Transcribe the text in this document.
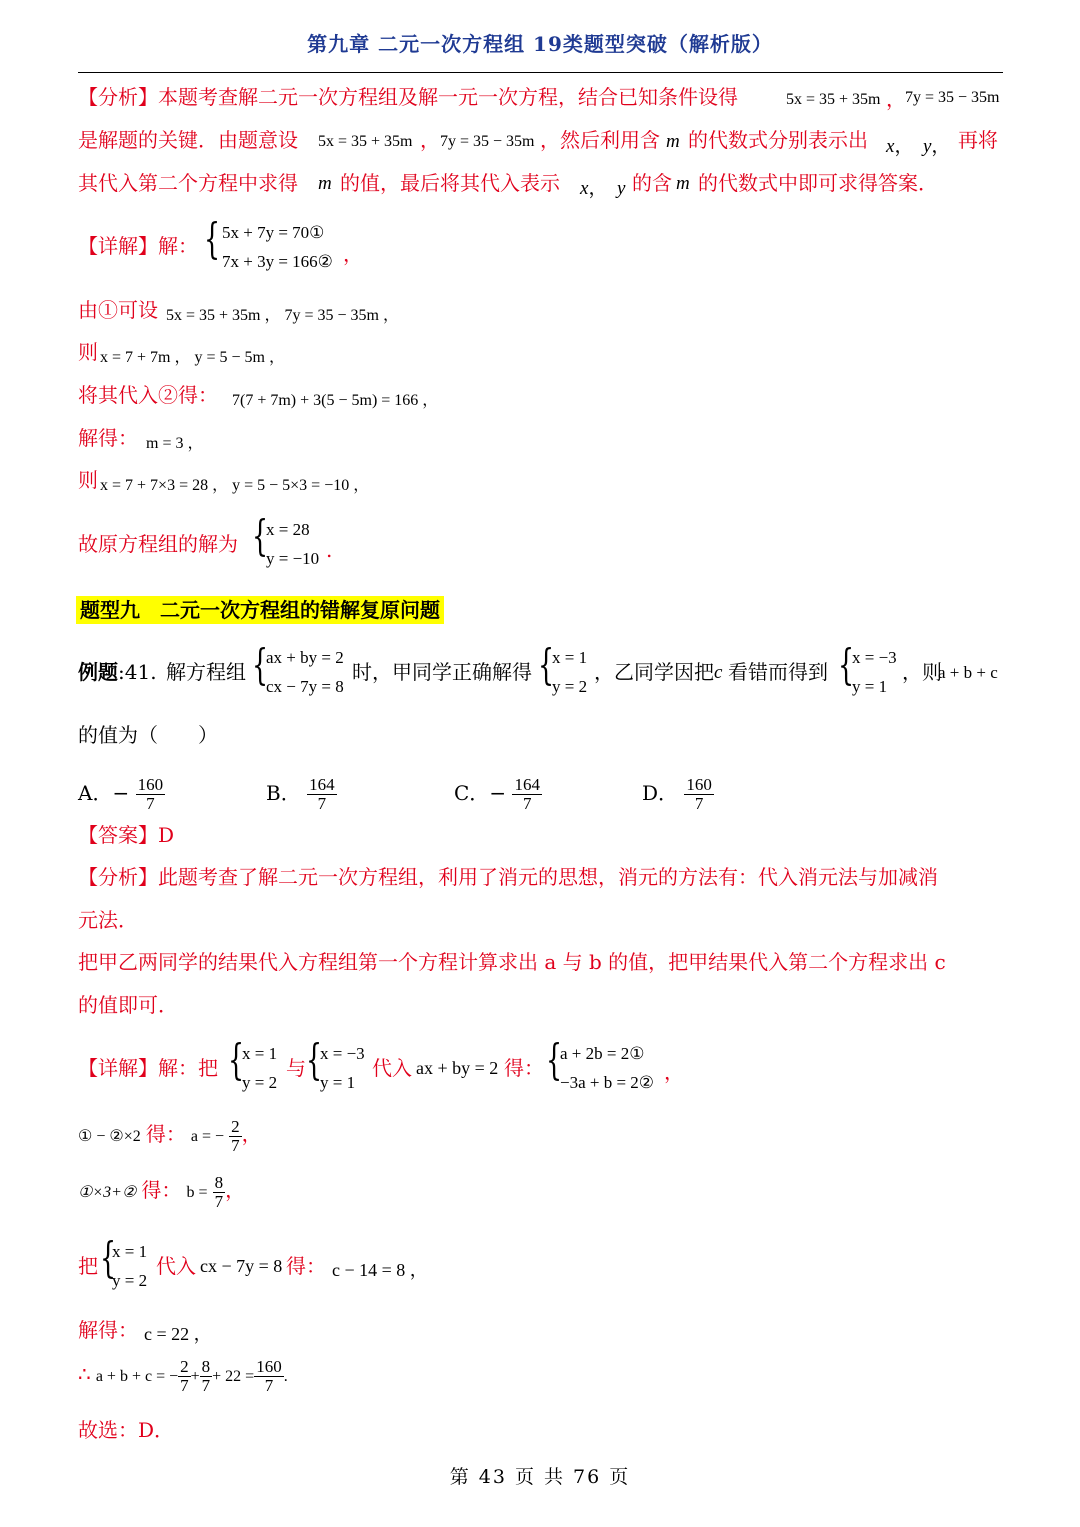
第九章 二元一次方程组 19类题型突破（解析版）
【分析】本题考查解二元一次方程组及解一元一次方程，结合已知条件设得	5x = 35 + 35m ， 7y = 35 − 35m
是解题的关键．由题意设 5x = 35 + 35m ， 7y = 35 − 35m ， 然后利用含 m 的代数式分别表示出 x，  y， 再将
其代入第二个方程中求得 m 的值，最后将其代入表示 x，  y 的含 m 的代数式中即可求得答案．
【详解】解： { 5x + 7y = 70①
7x + 3y = 166② ，
由①可设 5x = 35 + 35m ， 7y = 35 − 35m ，
则 x = 7 + 7m ， y = 5 − 5m ，
将其代入②得： 7(7 + 7m) + 3(5 − 5m) = 166 ，
解得： m = 3 ，
则 x = 7 + 7×3 = 28 ， y = 5 − 5×3 = −10 ，
故原方程组的解为 {
x = 28
y = −10 .
题型九　二元一次方程组的错解复原问题
例题:41. 解方程组 {
ax + by = 2
cx − 7y = 8
时，甲同学正确解得 {
x = 1
y = 2
，乙同学因把 c 看错而得到 {
x = −3
y = 1
，则
a + b + c
的值为（　　）
A．− $\frac{160}{7}$	B． $\frac{164}{7}$	C．− $\frac{164}{7}$	D． $\frac{160}{7}$
【答案】D
【分析】此题考查了解二元一次方程组，利用了消元的思想，消元的方法有：代入消元法与加减消
元法．
把甲乙两同学的结果代入方程组第一个方程计算求出 a 与 b 的值，把甲结果代入第二个方程求出 c
的值即可．
【详解】解：把 {
x = 1
y = 2
与 {
x = −3
y = 1
代入 ax + by = 2 得： {
a + 2b = 2①
−3a + b = 2② ，
① − ②×2 得： a = − $\frac{2}{7}$ ，
①×3+② 得： $b = \frac{8}{7}$ ，
把 {
x = 1
y = 2
代入 cx − 7y = 8 得： c − 14 = 8 ，
解得： c = 22 ，
∴ a + b + c = − $\frac{2}{7} + \frac{8}{7} + 22 = \frac{160}{7}$ .
故选：D．
第 43 页 共 76 页
